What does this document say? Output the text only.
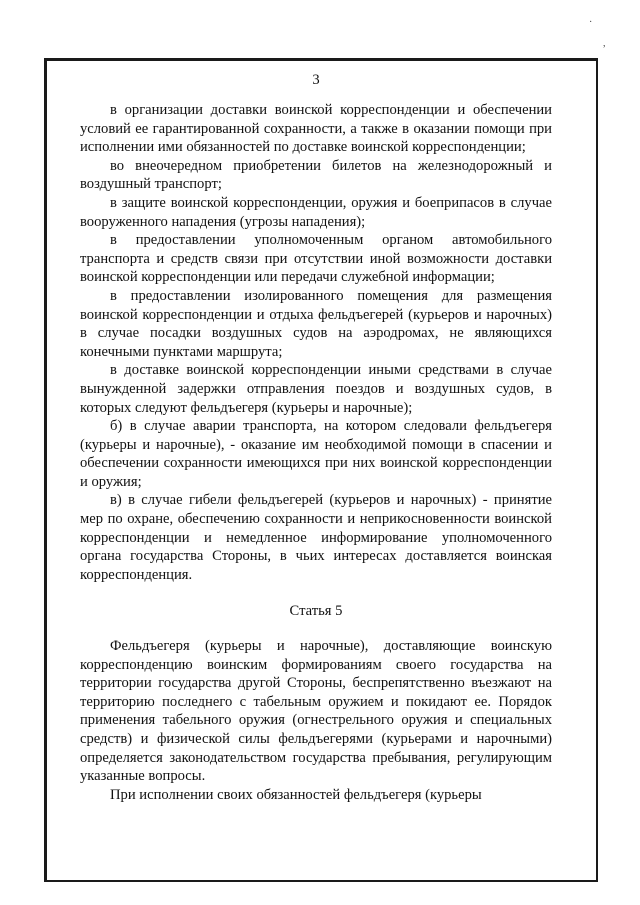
·
,
3

в организации доставки воинской корреспонденции и обеспечении условий ее гарантированной сохранности, а также в оказании помощи при исполнении ими обязанностей по доставке воинской корреспонденции;

во внеочередном приобретении билетов на железнодорожный и воздушный транспорт;

в защите воинской корреспонденции, оружия и боеприпасов в случае вооруженного нападения (угрозы нападения);

в предоставлении уполномоченным органом автомобильного транспорта и средств связи при отсутствии иной возможности доставки воинской корреспонденции или передачи служебной информации;

в предоставлении изолированного помещения для размещения воинской корреспонденции и отдыха фельдъегерей (курьеров и нарочных) в случае посадки воздушных судов на аэродромах, не являющихся конечными пунктами маршрута;

в доставке воинской корреспонденции иными средствами в случае вынужденной задержки отправления поездов и воздушных судов, в которых следуют фельдъегеря (курьеры и нарочные);

б) в случае аварии транспорта, на котором следовали фельдъегеря (курьеры и нарочные), - оказание им необходимой помощи в спасении и обеспечении сохранности имеющихся при них воинской корреспонденции и оружия;

в) в случае гибели фельдъегерей (курьеров и нарочных) - принятие мер по охране, обеспечению сохранности и неприкосновенности воинской корреспонденции и немедленное информирование уполномоченного органа государства Стороны, в чьих интересах доставляется воинская корреспонденция.

Статья 5

Фельдъегеря (курьеры и нарочные), доставляющие воинскую корреспонденцию воинским формированиям своего государства на территории государства другой Стороны, беспрепятственно въезжают на территорию последнего с табельным оружием и покидают ее. Порядок применения табельного оружия (огнестрельного оружия и специальных средств) и физической силы фельдъегерями (курьерами и нарочными) определяется законодательством государства пребывания, регулирующим указанные вопросы.

При исполнении своих обязанностей фельдъегеря (курьеры
